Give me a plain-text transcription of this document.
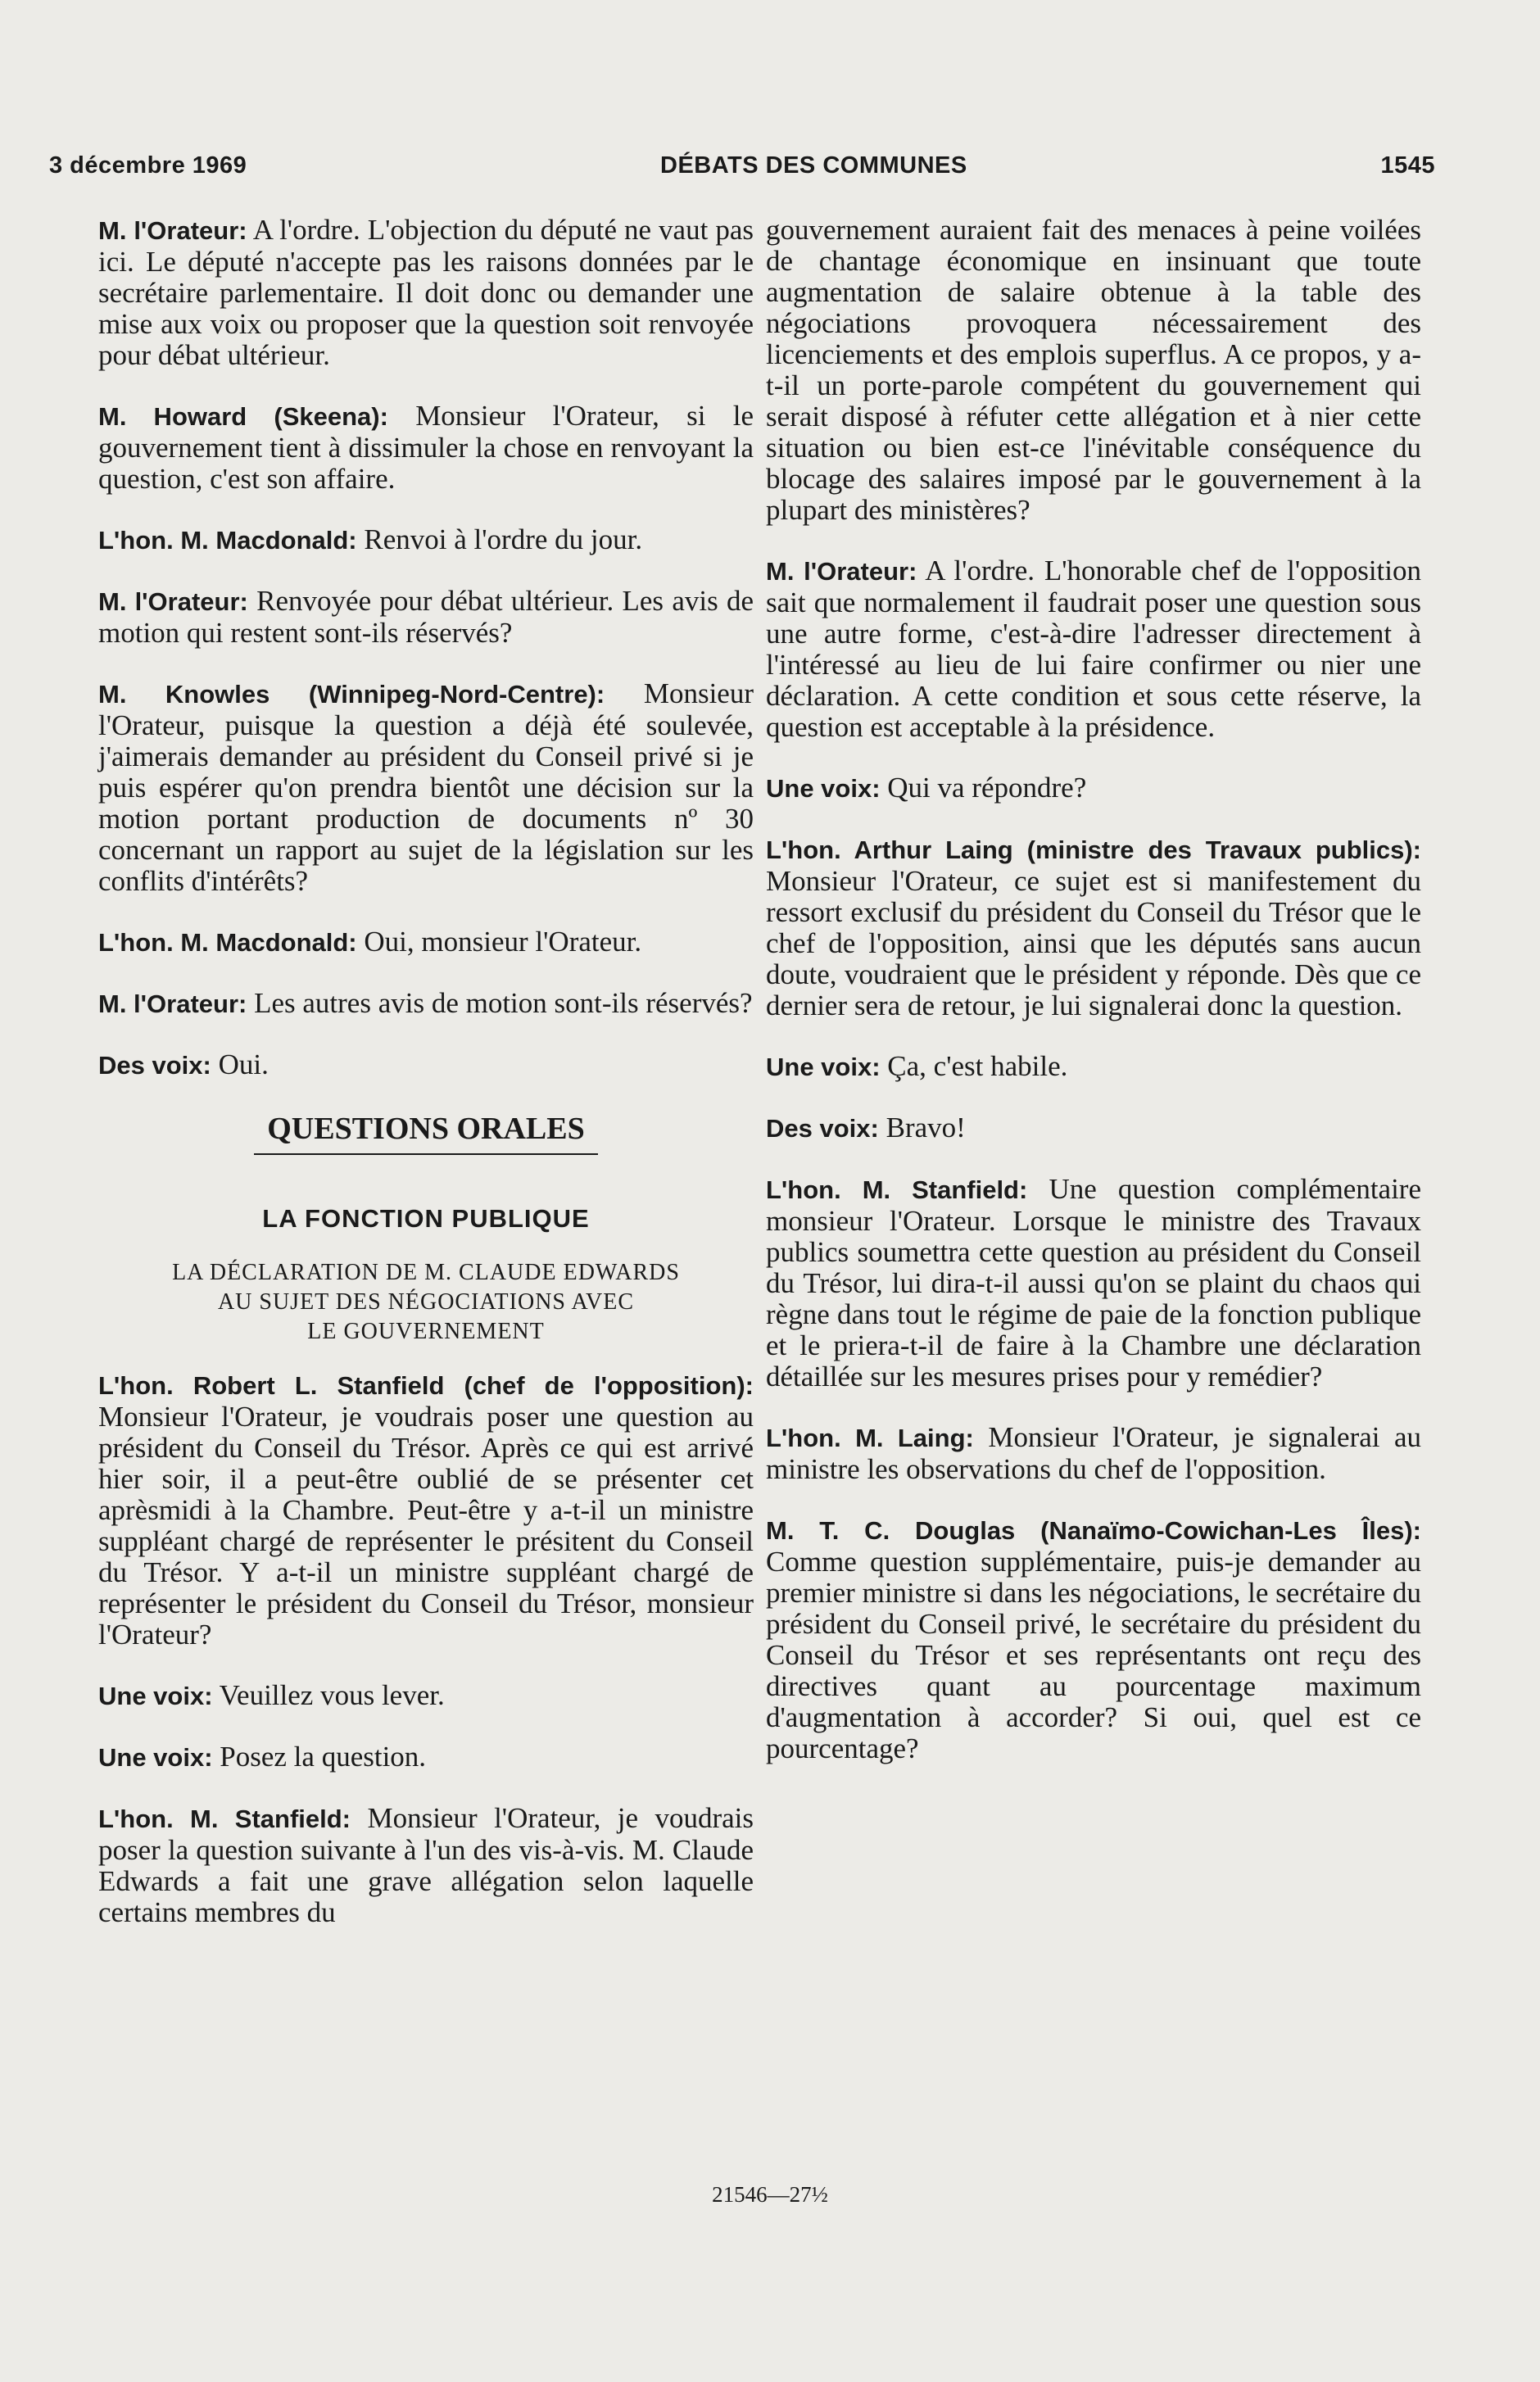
3 décembre 1969	DÉBATS DES COMMUNES	1545

M. l'Orateur: A l'ordre. L'objection du député ne vaut pas ici. Le député n'accepte pas les raisons données par le secrétaire parlementaire. Il doit donc ou demander une mise aux voix ou proposer que la question soit renvoyée pour débat ultérieur.

M. Howard (Skeena): Monsieur l'Orateur, si le gouvernement tient à dissimuler la chose en renvoyant la question, c'est son affaire.

L'hon. M. Macdonald: Renvoi à l'ordre du jour.

M. l'Orateur: Renvoyée pour débat ultérieur. Les avis de motion qui restent sont-ils réservés?

M. Knowles (Winnipeg-Nord-Centre): Monsieur l'Orateur, puisque la question a déjà été soulevée, j'aimerais demander au président du Conseil privé si je puis espérer qu'on prendra bientôt une décision sur la motion portant production de documents nº 30 concernant un rapport au sujet de la législation sur les conflits d'intérêts?

L'hon. M. Macdonald: Oui, monsieur l'Orateur.

M. l'Orateur: Les autres avis de motion sont-ils réservés?

Des voix: Oui.

QUESTIONS ORALES
LA FONCTION PUBLIQUE
LA DÉCLARATION DE M. CLAUDE EDWARDS
AU SUJET DES NÉGOCIATIONS AVEC
LE GOUVERNEMENT

L'hon. Robert L. Stanfield (chef de l'opposition): Monsieur l'Orateur, je voudrais poser une question au président du Conseil du Trésor. Après ce qui est arrivé hier soir, il a peut-être oublié de se présenter cet aprèsmidi à la Chambre. Peut-être y a-t-il un ministre suppléant chargé de représenter le présitent du Conseil du Trésor. Y a-t-il un ministre suppléant chargé de représenter le président du Conseil du Trésor, monsieur l'Orateur?

Une voix: Veuillez vous lever.

Une voix: Posez la question.

L'hon. M. Stanfield: Monsieur l'Orateur, je voudrais poser la question suivante à l'un des vis-à-vis. M. Claude Edwards a fait une grave allégation selon laquelle certains membres du

gouvernement auraient fait des menaces à peine voilées de chantage économique en insinuant que toute augmentation de salaire obtenue à la table des négociations provoquera nécessairement des licenciements et des emplois superflus. A ce propos, y a-t-il un porte-parole compétent du gouvernement qui serait disposé à réfuter cette allégation et à nier cette situation ou bien est-ce l'inévitable conséquence du blocage des salaires imposé par le gouvernement à la plupart des ministères?

M. l'Orateur: A l'ordre. L'honorable chef de l'opposition sait que normalement il faudrait poser une question sous une autre forme, c'est-à-dire l'adresser directement à l'intéressé au lieu de lui faire confirmer ou nier une déclaration. A cette condition et sous cette réserve, la question est acceptable à la présidence.

Une voix: Qui va répondre?

L'hon. Arthur Laing (ministre des Travaux publics): Monsieur l'Orateur, ce sujet est si manifestement du ressort exclusif du président du Conseil du Trésor que le chef de l'opposition, ainsi que les députés sans aucun doute, voudraient que le président y réponde. Dès que ce dernier sera de retour, je lui signalerai donc la question.

Une voix: Ça, c'est habile.

Des voix: Bravo!

L'hon. M. Stanfield: Une question complémentaire monsieur l'Orateur. Lorsque le ministre des Travaux publics soumettra cette question au président du Conseil du Trésor, lui dira-t-il aussi qu'on se plaint du chaos qui règne dans tout le régime de paie de la fonction publique et le priera-t-il de faire à la Chambre une déclaration détaillée sur les mesures prises pour y remédier?

L'hon. M. Laing: Monsieur l'Orateur, je signalerai au ministre les observations du chef de l'opposition.

M. T. C. Douglas (Nanaïmo-Cowichan-Les Îles): Comme question supplémentaire, puis-je demander au premier ministre si dans les négociations, le secrétaire du président du Conseil privé, le secrétaire du président du Conseil du Trésor et ses représentants ont reçu des directives quant au pourcentage maximum d'augmentation à accorder? Si oui, quel est ce pourcentage?

21546—27½
